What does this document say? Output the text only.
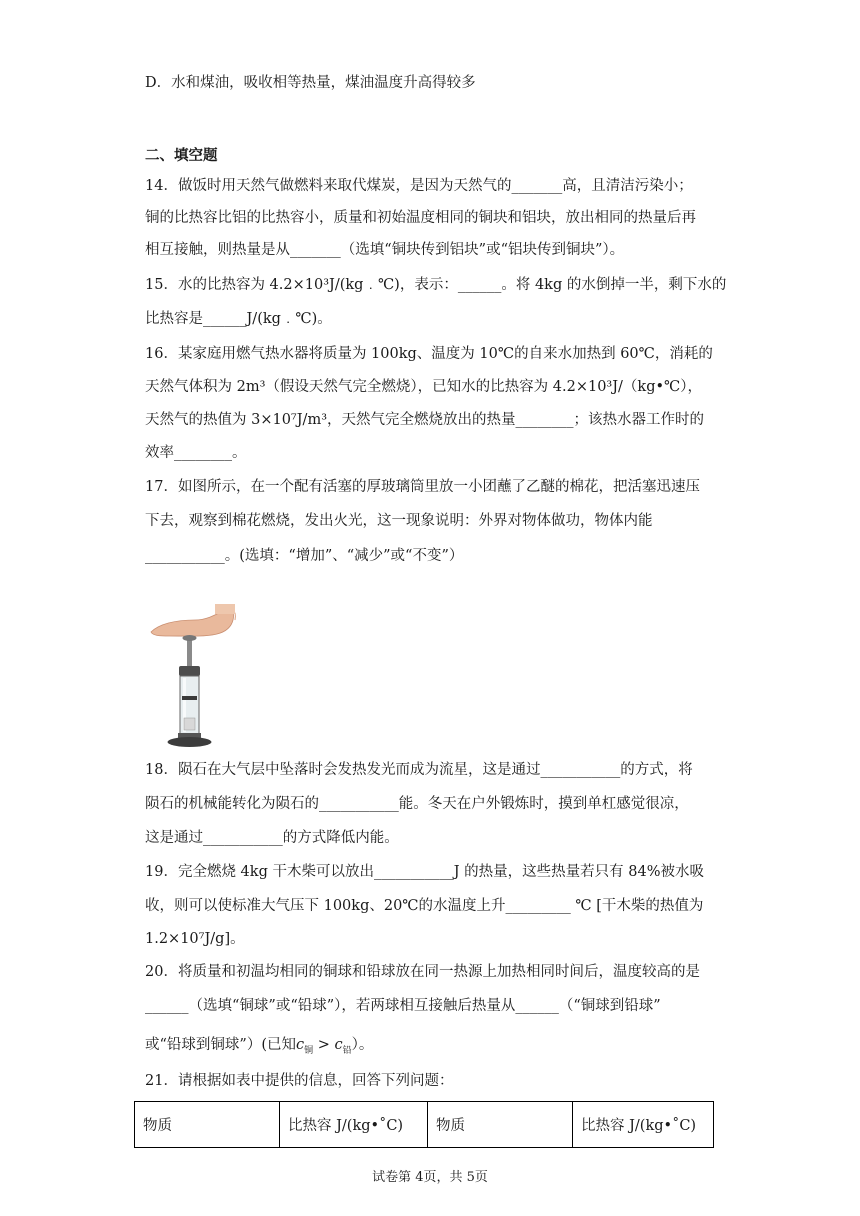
D．水和煤油，吸收相等热量，煤油温度升高得较多
二、填空题
14．做饭时用天然气做燃料来取代煤炭，是因为天然气的_______高，且清洁污染小；
铜的比热容比铝的比热容小，质量和初始温度相同的铜块和铝块，放出相同的热量后再
相互接触，则热量是从_______（选填“铜块传到铝块”或“铝块传到铜块”）。
15．水的比热容为 4.2×10³J/(kg﹒℃)，表示：______。将 4kg 的水倒掉一半，剩下水的
比热容是______J/(kg﹒℃)。
16．某家庭用燃气热水器将质量为 100kg、温度为 10℃的自来水加热到 60℃，消耗的
天然气体积为 2m³（假设天然气完全燃烧），已知水的比热容为 4.2×10³J/（kg•℃），
天然气的热值为 3×10⁷J/m³，天然气完全燃烧放出的热量________；该热水器工作时的
效率________。
17．如图所示，在一个配有活塞的厚玻璃筒里放一小团蘸了乙醚的棉花，把活塞迅速压
下去，观察到棉花燃烧，发出火光，这一现象说明：外界对物体做功，物体内能
___________。(选填：“增加”、“减少”或“不变”）
18．陨石在大气层中坠落时会发热发光而成为流星，这是通过___________的方式，将
陨石的机械能转化为陨石的___________能。冬天在户外锻炼时，摸到单杠感觉很凉，
这是通过___________的方式降低内能。
19．完全燃烧 4kg 干木柴可以放出___________J 的热量，这些热量若只有 84%被水吸
收，则可以使标准大气压下 100kg、20℃的水温度上升_________ ℃ [干木柴的热值为
1.2×10⁷J/g]。
20．将质量和初温均相同的铜球和铅球放在同一热源上加热相同时间后，温度较高的是
______（选填“铜球”或“铅球”），若两球相互接触后热量从______（“铜球到铅球”
或“铅球到铜球”）(已知$c_铜 > c_铅$）。
21．请根据如表中提供的信息，回答下列问题：
物质	比热容 J/(kg•˚C)	物质	比热容 J/(kg•˚C)
试卷第 4页，共 5页
